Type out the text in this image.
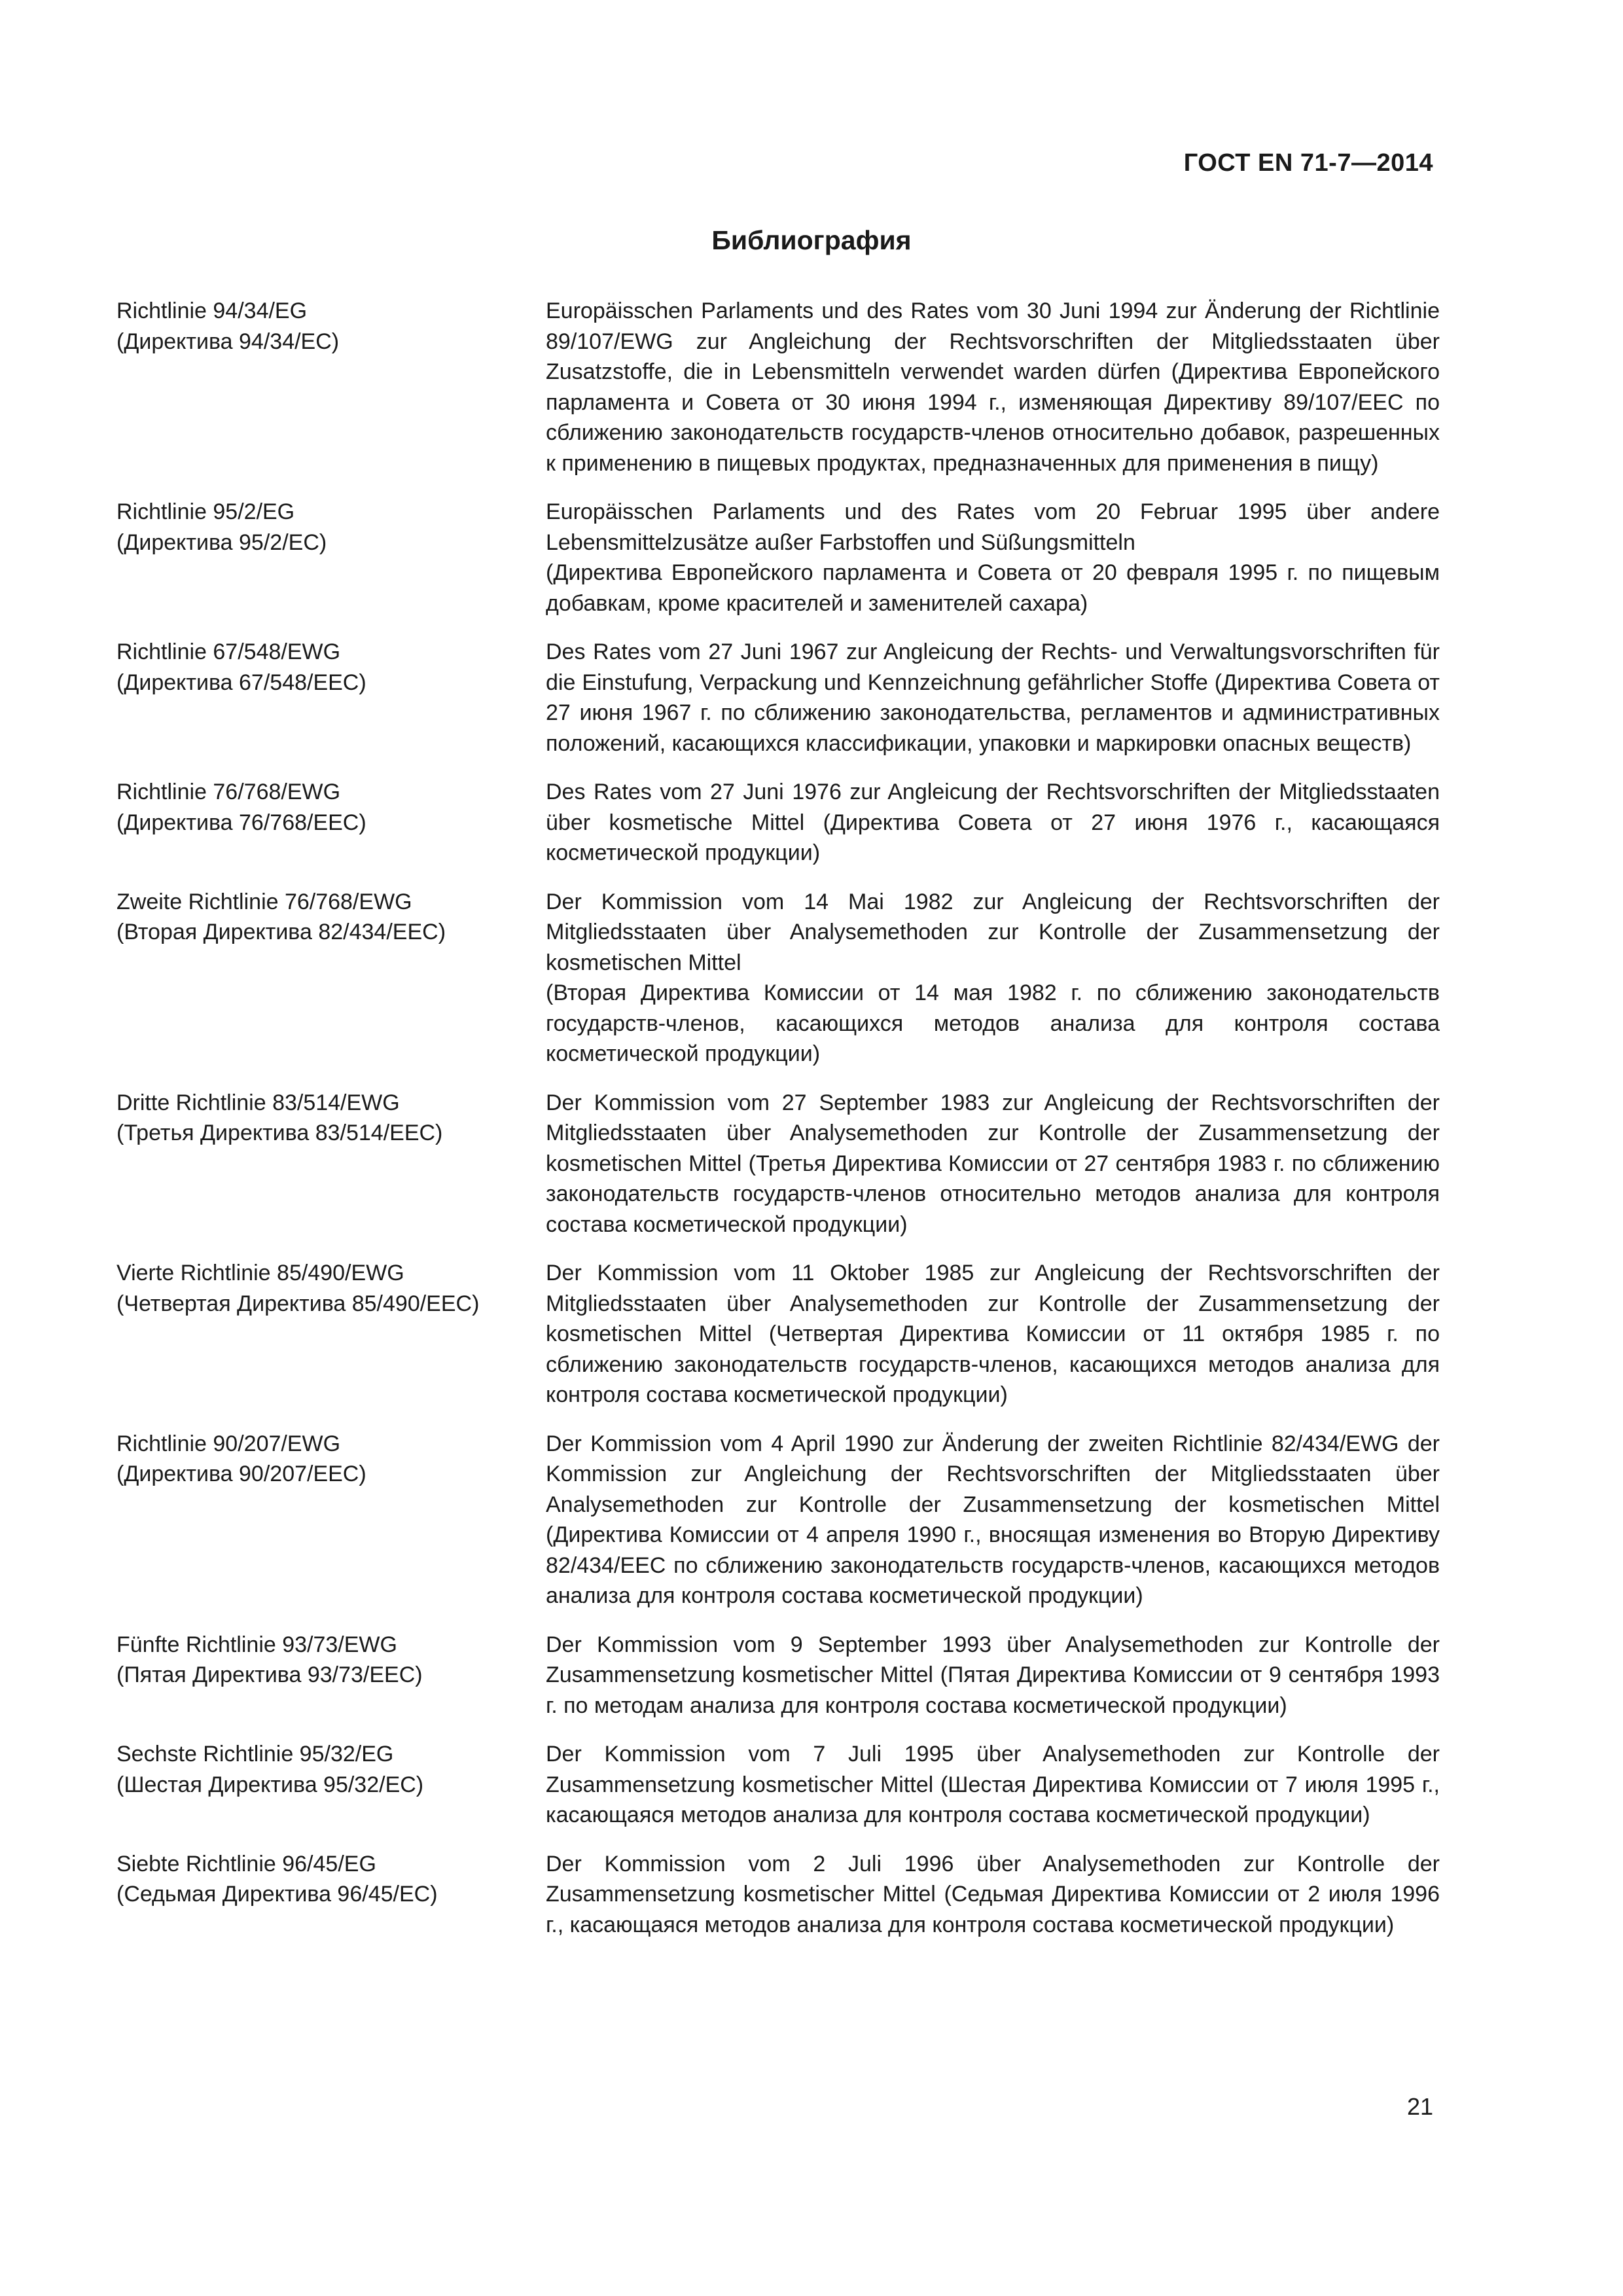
ГОСТ EN 71-7—2014

Библиография
Richtlinie 94/34/EG
(Директива 94/34/ЕС)

Europäisschen Parlaments und des Rates vom 30 Juni 1994 zur Änderung der Richtlinie 89/107/EWG zur Angleichung der Rechtsvorschriften der Mitgliedsstaaten über Zusatzstoffe, die in Lebensmitteln verwendet warden dürfen (Директива Европейского парламента и Совета от 30 июня 1994 г., изменяющая Директиву 89/107/ЕЕС по сближению законодательств государств-членов относительно добавок, разрешенных к применению в пищевых продуктах, предназначенных для применения в пищу)

Richtlinie 95/2/EG
(Директива 95/2/ЕС)

Europäisschen Parlaments und des Rates vom 20 Februar 1995 über andere Lebensmittelzusätze außer Farbstoffen und Süßungsmitteln

(Директива Европейского парламента и Совета от 20 февраля 1995 г. по пищевым добавкам, кроме красителей и заменителей сахара)

Richtlinie 67/548/EWG
(Директива 67/548/ЕЕС)

Des Rates vom 27 Juni 1967 zur Angleicung der Rechts- und Verwaltungsvorschriften für die Einstufung, Verpackung und Kennzeichnung gefährlicher Stoffe (Директива Совета от 27 июня 1967 г. по сближению законодательства, регламентов и административных положений, касающихся классификации, упаковки и маркировки опасных веществ)

Richtlinie 76/768/EWG
(Директива 76/768/ЕЕС)

Des Rates vom 27 Juni 1976 zur Angleicung der Rechtsvorschriften der Mitgliedsstaaten über kosmetische Mittel (Директива Совета от 27 июня 1976 г., касающаяся косметической продукции)

Zweite Richtlinie 76/768/EWG
(Вторая Директива 82/434/ЕЕС)

Der Kommission vom 14 Mai 1982 zur Angleicung der Rechtsvorschriften der Mitgliedsstaaten über Analysemethoden zur Kontrolle der Zusammensetzung der kosmetischen Mittel

(Вторая Директива Комиссии от 14 мая 1982 г. по сближению законодательств государств-членов, касающихся методов анализа для контроля состава косметической продукции)

Dritte Richtlinie 83/514/EWG
(Третья Директива 83/514/ЕЕС)

Der Kommission vom 27 September 1983 zur Angleicung der Rechtsvorschriften der Mitgliedsstaaten über Analysemethoden zur Kontrolle der Zusammensetzung der kosmetischen Mittel (Третья Директива Комиссии от 27 сентября 1983 г. по сближению законодательств государств-членов относительно методов анализа для контроля состава косметической продукции)

Vierte Richtlinie 85/490/EWG
(Четвертая Директива 85/490/ЕЕС)

Der Kommission vom 11 Oktober 1985 zur Angleicung der Rechtsvorschriften der Mitgliedsstaaten über Analysemethoden zur Kontrolle der Zusammensetzung der kosmetischen Mittel (Четвертая Директива Комиссии от 11 октября 1985 г. по сближению законодательств государств-членов, касающихся методов анализа для контроля состава косметической продукции)

Richtlinie 90/207/EWG
(Директива 90/207/ЕЕС)

Der Kommission vom 4 April 1990 zur Änderung der zweiten Richtlinie 82/434/EWG der Kommission zur Angleichung der Rechtsvorschriften der Mitgliedsstaaten über Analysemethoden zur Kontrolle der Zusammensetzung der kosmetischen Mittel (Директива Комиссии от 4 апреля 1990 г., вносящая изменения во Вторую Директиву 82/434/ЕЕС по сближению законодательств государств-членов, касающихся методов анализа для контроля состава косметической продукции)

Fünfte Richtlinie 93/73/EWG
(Пятая Директива 93/73/ЕЕС)

Der Kommission vom 9 September 1993 über Analysemethoden zur Kontrolle der Zusammensetzung kosmetischer Mittel (Пятая Директива Комиссии от 9 сентября 1993 г. по методам анализа для контроля состава косметической продукции)

Sechste Richtlinie 95/32/EG
(Шестая Директива 95/32/ЕС)

Der Kommission vom 7 Juli 1995 über Analysemethoden zur Kontrolle der Zusammensetzung kosmetischer Mittel (Шестая Директива Комиссии от 7 июля 1995 г., касающаяся методов анализа для контроля состава косметической продукции)

Siebte Richtlinie 96/45/EG
(Седьмая Директива 96/45/ЕС)

Der Kommission vom 2 Juli 1996 über Analysemethoden zur Kontrolle der Zusammensetzung kosmetischer Mittel (Седьмая Директива Комиссии от 2 июля 1996 г., касающаяся методов анализа для контроля состава косметической продукции)

21
